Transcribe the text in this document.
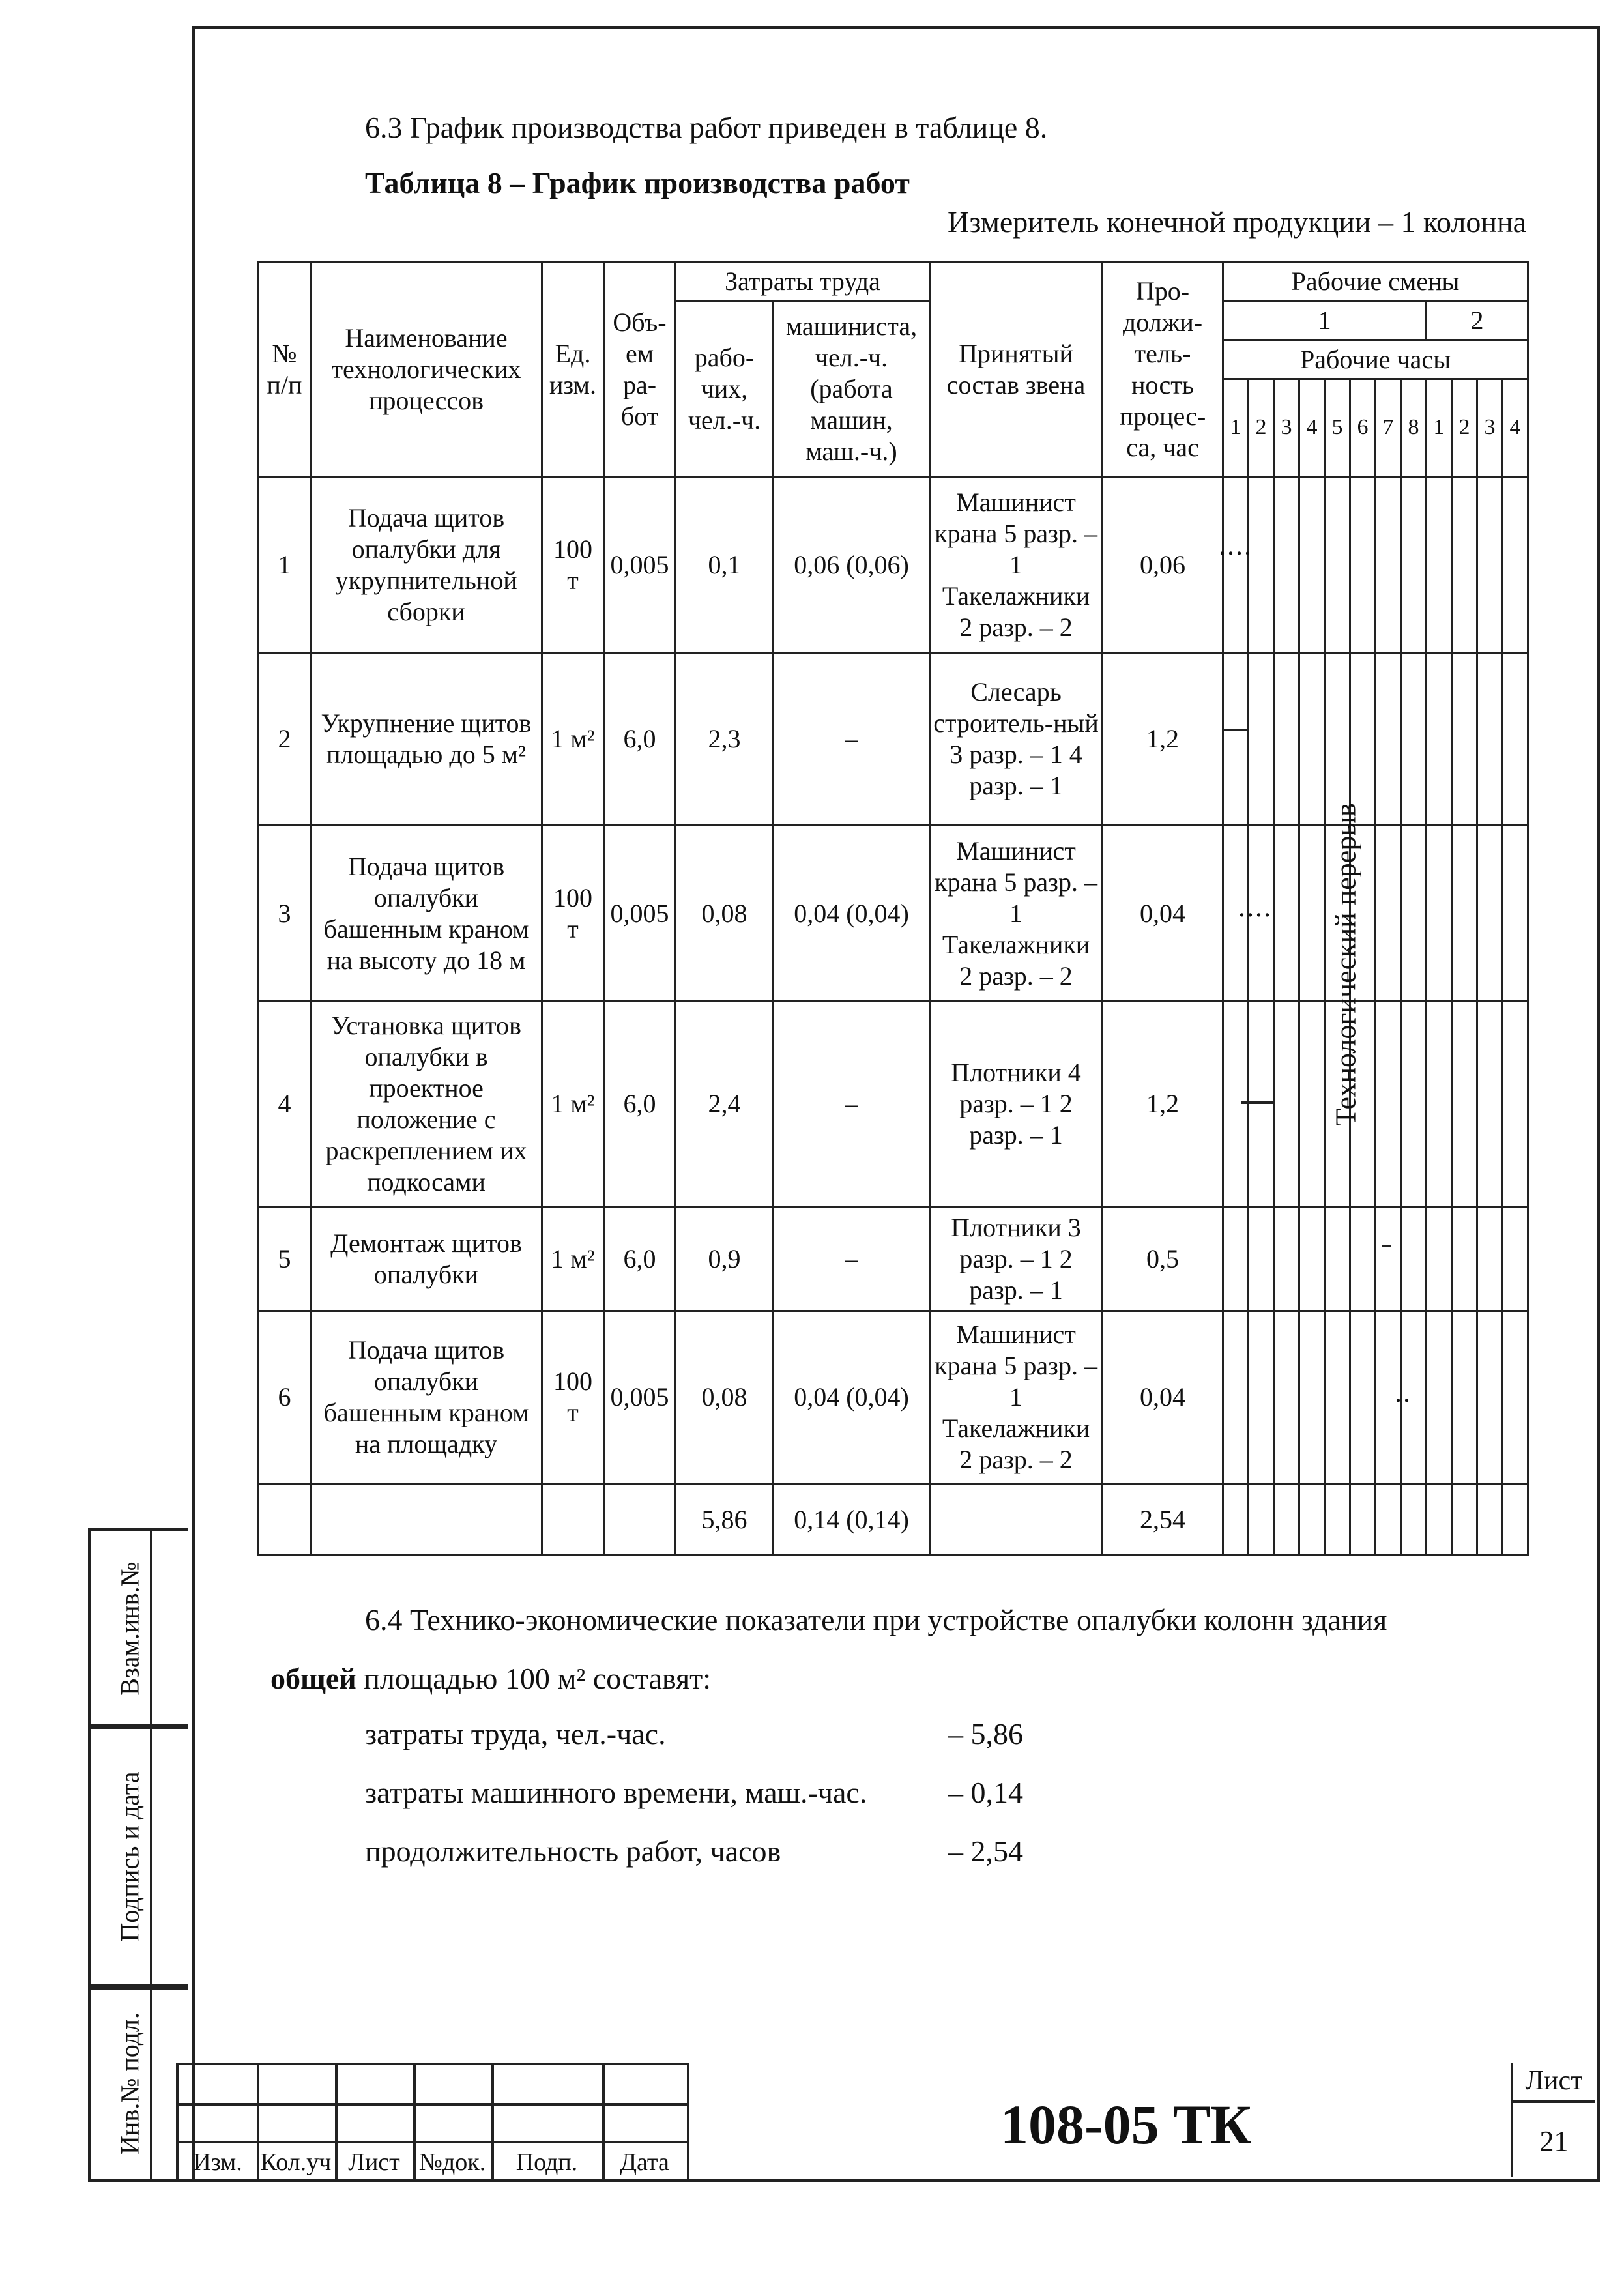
Взам.инв.№
Подпись и дата
Инв.№ подл.
6.3 График производства работ приведен в таблице 8.
Таблица 8 – График производства работ
Измеритель конечной продукции – 1 колонна
№ п/п	Наименование технологических процессов	Ед. изм.	Объ-ем ра-бот	Затраты труда		Принятый состав звена	Про-должи-тель-ность процес-са, час	Рабочие смены											
				рабо-чих, чел.-ч.	машиниста, чел.-ч. (работа машин, маш.-ч.)			1								2			
								Рабочие часы											
								1	2	3	4	5	6	7	8	1	2	3	4
1	Подача щитов опалубки для укрупнительной сборки	100 т	0,005	0,1	0,06 (0,06)	Машинист крана 5 разр. – 1 Такелажники 2 разр. – 2	0,06												
2	Укрупнение щитов площадью до 5 м²	1 м²	6,0	2,3	–	Слесарь строитель-ный 3 разр. – 1 4 разр. – 1	1,2												
3	Подача щитов опалубки башенным краном на высоту до 18 м	100 т	0,005	0,08	0,04 (0,04)	Машинист крана 5 разр. – 1 Такелажники 2 разр. – 2	0,04												
4	Установка щитов опалубки в проектное положение с раскреплением их подкосами	1 м²	6,0	2,4	–	Плотники 4 разр. – 1 2 разр. – 1	1,2												
5	Демонтаж щитов опалубки	1 м²	6,0	0,9	–	Плотники 3 разр. – 1 2 разр. – 1	0,5												
6	Подача щитов опалубки башенным краном на площадку	100 т	0,005	0,08	0,04 (0,04)	Машинист крана 5 разр. – 1 Такелажники 2 разр. – 2	0,04												
				5,86	0,14 (0,14)		2,54												
....
....
..
Технологический перерыв
6.4 Технико-экономические показатели при устройстве опалубки колонн здания
общей площадью 100 м² составят:
затраты труда, чел.-час.	– 5,86
затраты машинного времени, маш.-час.	– 0,14
продолжительность работ, часов	– 2,54
Изм. Кол.уч Лист №док.	Подп.	Дата
108-05 ТК
Лист
21
